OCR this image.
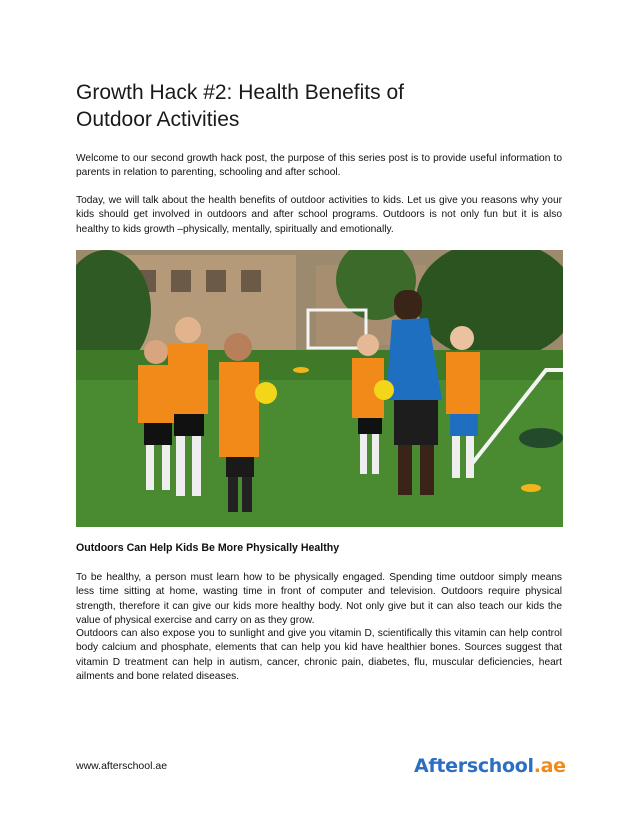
Growth Hack #2: Health Benefits of
Outdoor Activities

Welcome to our second growth hack post, the purpose of this series post is to provide useful information to parents in relation to parenting, schooling and after school.

Today, we will talk about the health benefits of outdoor activities to kids. Let us give you reasons why your kids should get involved in outdoors and after school programs. Outdoors is not only fun but it is also healthy to kids growth –physically, mentally, spiritually and emotionally.

Outdoors Can Help Kids Be More Physically Healthy

To be healthy, a person must learn how to be physically engaged. Spending time outdoor simply means less time sitting at home, wasting time in front of computer and television. Outdoors require physical strength, therefore it can give our kids more healthy body. Not only give but it can also teach our kids the value of physical exercise and carry on as they grow.

Outdoors can also expose you to sunlight and give you vitamin D, scientifically this vitamin can help control body calcium and phosphate, elements that can help you kid have healthier bones. Sources suggest that vitamin D treatment can help in autism, cancer, chronic pain, diabetes, flu, muscular deficiencies, heart ailments and bone related diseases.

www.afterschool.ae	Afterschool.ae
